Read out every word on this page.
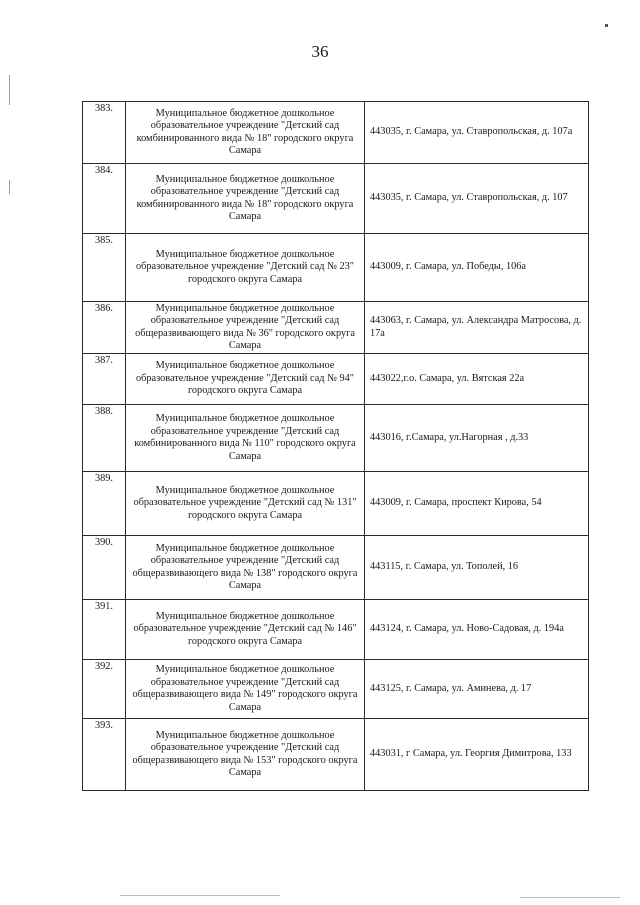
36
383.	Муниципальное бюджетное дошкольное образовательное учреждение "Детский сад комбинированного вида № 18" городского округа Самара	443035, г. Самара, ул. Ставропольская, д. 107а
384.	Муниципальное бюджетное дошкольное образовательное учреждение "Детский сад комбинированного вида № 18" городского округа Самара	443035, г. Самара, ул. Ставропольская, д. 107
385.	Муниципальное бюджетное дошкольное образовательное учреждение "Детский сад № 23" городского округа Самара	443009, г. Самара, ул. Победы, 106а
386.	Муниципальное бюджетное дошкольное образовательное учреждение "Детский сад общеразвивающего вида № 36" городского округа Самара	443063, г. Самара, ул. Александра Матросова, д. 17а
387.	Муниципальное бюджетное дошкольное образовательное учреждение "Детский сад № 94" городского округа Самара	443022,г.о. Самара, ул. Вятская 22а
388.	Муниципальное бюджетное дошкольное образовательное учреждение "Детский сад комбинированного вида № 110" городского округа Самара	443016, г.Самара, ул.Нагорная , д.33
389.	Муниципальное бюджетное дошкольное образовательное учреждение "Детский сад № 131" городского округа Самара	443009, г. Самара, проспект Кирова, 54
390.	Муниципальное бюджетное дошкольное образовательное учреждение "Детский сад общеразвивающего вида № 138" городского округа Самара	443115, г. Самара, ул. Тополей, 16
391.	Муниципальное бюджетное дошкольное образовательное учреждение "Детский сад № 146" городского округа Самара	443124, г. Самара, ул. Ново-Садовая, д. 194а
392.	Муниципальное бюджетное дошкольное образовательное учреждение "Детский сад общеразвивающего вида № 149" городского округа Самара	443125, г. Самара, ул. Аминева, д. 17
393.	Муниципальное бюджетное дошкольное образовательное учреждение "Детский сад общеразвивающего вида № 153" городского округа Самара	443031, г Самара, ул. Георгия Димитрова, 133
